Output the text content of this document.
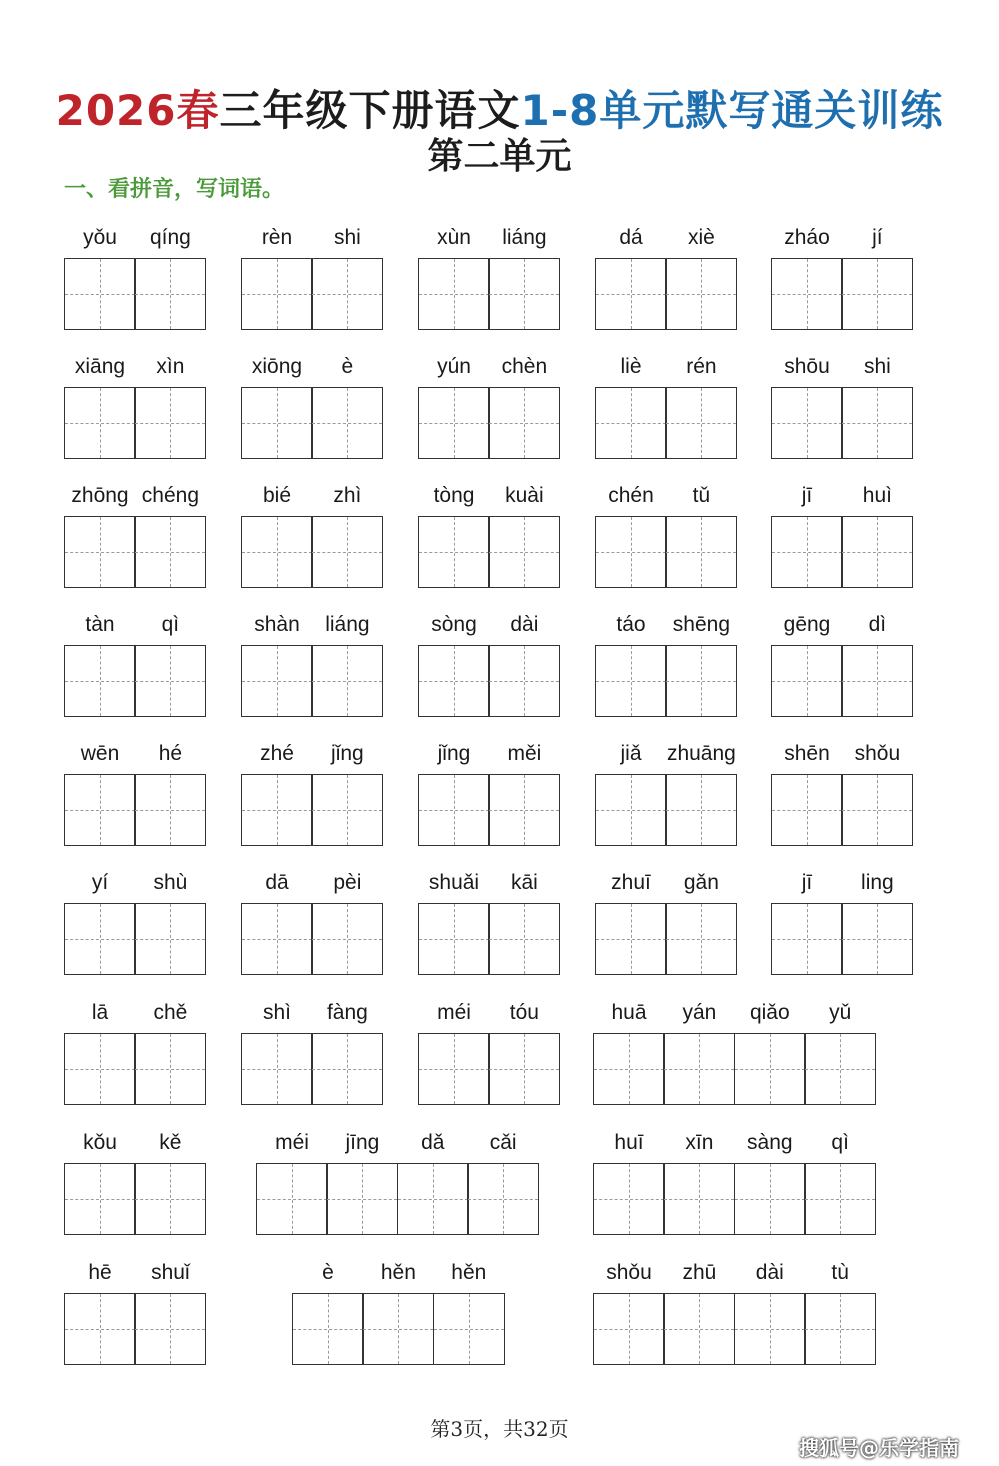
2026春三年级下册语文1-8单元默写通关训练
第二单元
一、看拼音，写词语。
yǒu	qíng	rèn	shi	xùn	liáng	dá	xiè	zháo	jí
xiāng	xìn	xiōng	è	yún	chèn	liè	rén	shōu	shi
zhōng chéng	bié	zhì	tòng	kuài	chén	tǔ	jī	huì
tàn	qì	shàn	liáng	sòng	dài	táo	shēng	gēng	dì
wēn	hé	zhé	jǐng	jǐng	měi	jiǎ	zhuāng	shēn	shǒu
yí	shù	dā	pèi	shuǎi	kāi	zhuī	gǎn	jī	ling
lā	chě	shì	fàng	méi	tóu	huā	yán	qiǎo	yǔ
kǒu	kě	méi	jīng	dǎ	cǎi	huī	xīn	sàng	qì
hē	shuǐ	è	hěn	hěn	shǒu	zhū	dài	tù
第3页，共32页
搜狐号@乐学指南
